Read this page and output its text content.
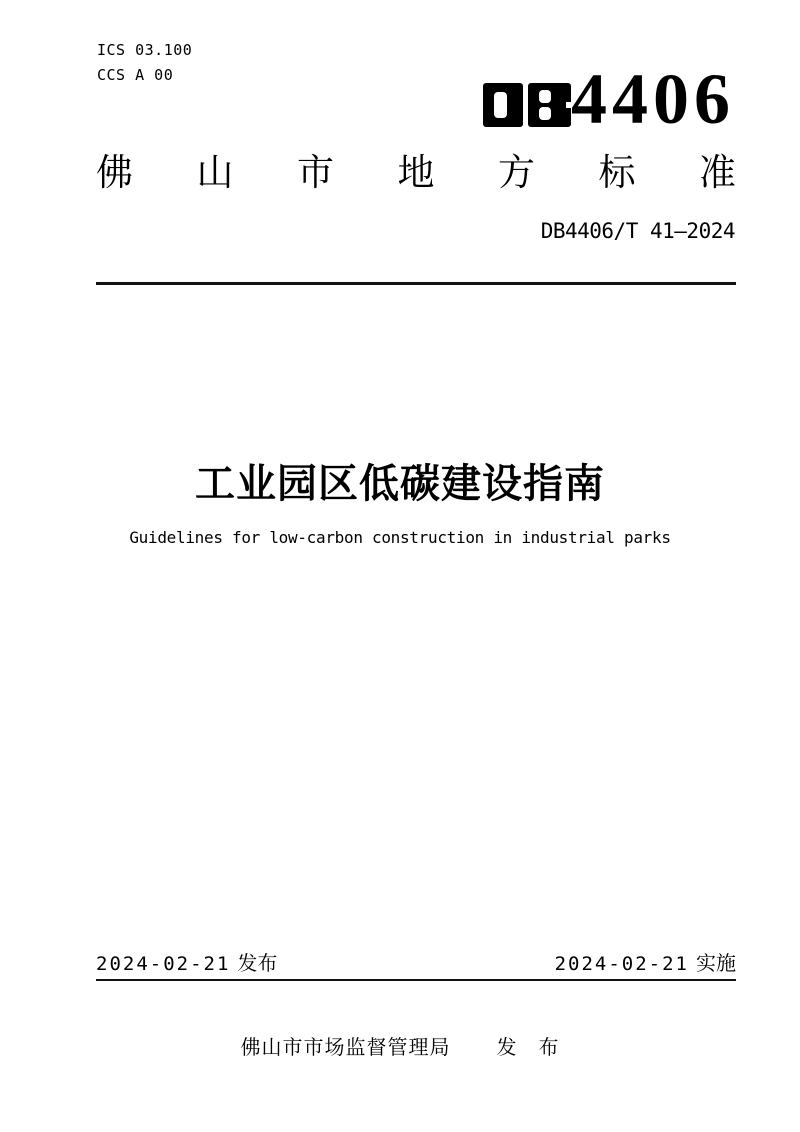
ICS 03.100
CCS A 00	4406
佛 山 市 地 方 标 准
DB4406/T 41—2024
工业园区低碳建设指南
Guidelines for low-carbon construction in industrial parks
2024-02-21 发布	2024-02-21 实施
佛山市市场监督管理局 发　布
